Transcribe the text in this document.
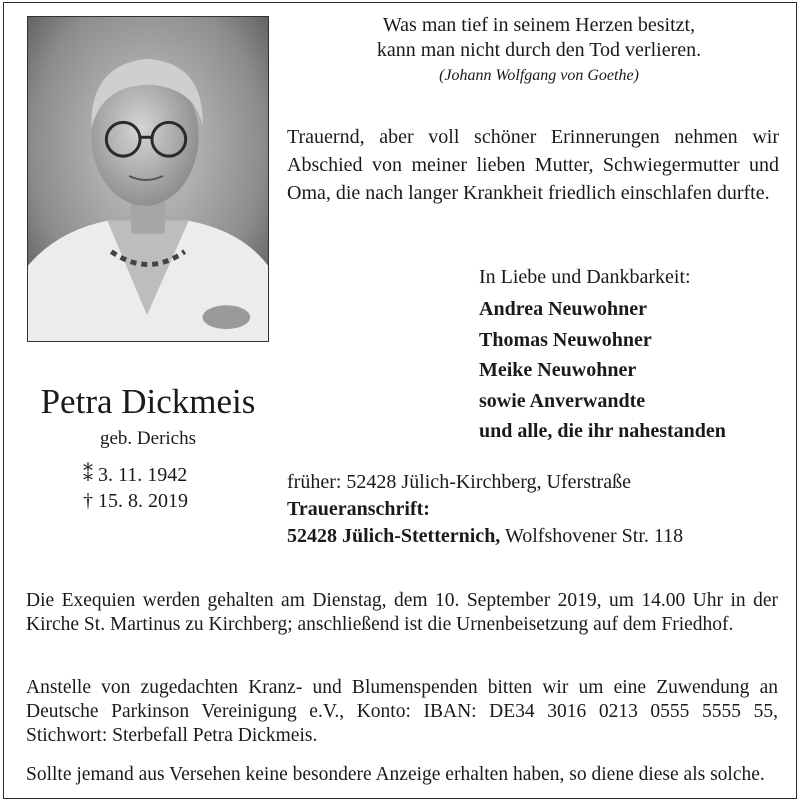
Was man tief in seinem Herzen besitzt,
kann man nicht durch den Tod verlieren.
(Johann Wolfgang von Goethe)
Trauernd, aber voll schöner Erinnerungen nehmen wir Abschied von meiner lieben Mutter, Schwiegermutter und Oma, die nach langer Krankheit friedlich einschlafen durfte.
In Liebe und Dankbarkeit:
Andrea Neuwohner
Thomas Neuwohner
Meike Neuwohner
sowie Anverwandte
und alle, die ihr nahestanden
Petra Dickmeis
geb. Derichs
⁑ 3. 11. 1942
† 15. 8. 2019
früher: 52428 Jülich-Kirchberg, Uferstraße
Traueranschrift:
52428 Jülich-Stetternich, Wolfshovener Str. 118
Die Exequien werden gehalten am Dienstag, dem 10. September 2019, um 14.00 Uhr in der Kirche St. Martinus zu Kirchberg; anschließend ist die Urnenbeisetzung auf dem Friedhof.
Anstelle von zugedachten Kranz- und Blumenspenden bitten wir um eine Zuwendung an Deutsche Parkinson Vereinigung e.V., Konto: IBAN: DE34 3016 0213 0555 5555 55, Stichwort: Sterbefall Petra Dickmeis.
Sollte jemand aus Versehen keine besondere Anzeige erhalten haben, so diene diese als solche.
